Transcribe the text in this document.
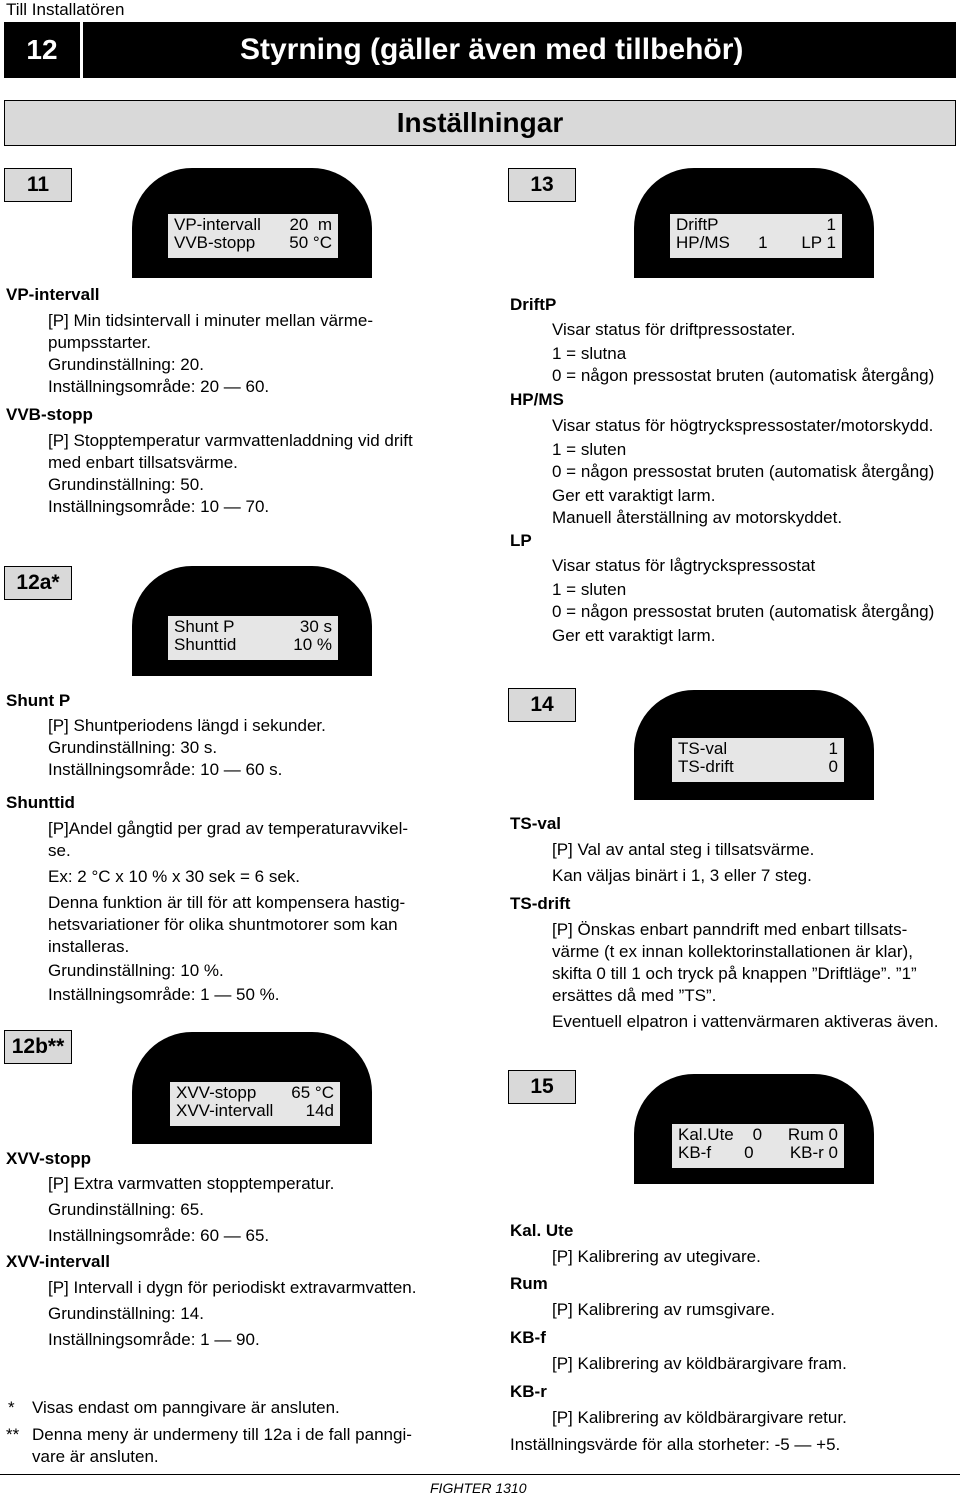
Till Installatören
12	Styrning (gäller även med tillbehör)
Inställningar
11
VP-intervall 20  m
VVB-stopp 50 °C
VP-intervall
[P] Min tidsintervall i minuter mellan värme-
pumpsstarter.
Grundinställning: 20.
Inställningsområde: 20 — 60.
VVB-stopp
[P] Stopptemperatur varmvattenladdning vid drift
med enbart tillsatsvärme.
Grundinställning: 50.
Inställningsområde: 10 — 70.
12a*
Shunt P	30 s
Shunttid	10 %
Shunt P
[P] Shuntperiodens längd i sekunder.
Grundinställning: 30 s.
Inställningsområde: 10 — 60 s.
Shunttid
[P]Andel gångtid per grad av temperaturavvikel-
se.
Ex: 2 °C x 10 % x 30 sek = 6 sek.
Denna funktion är till för att kompensera hastig-
hetsvariationer för olika shuntmotorer som kan
installeras.
Grundinställning: 10 %.
Inställningsområde: 1 — 50 %.
12b**
XVV-stopp 65 °C
XVV-intervall 14d
XVV-stopp
[P] Extra varmvatten stopptemperatur.
Grundinställning: 65.
Inställningsområde: 60 — 65.
XVV-intervall
[P] Intervall i dygn för periodiskt extravarmvatten.
Grundinställning: 14.
Inställningsområde: 1 — 90.
* Visas endast om panngivare är ansluten.
** Denna meny är undermeny till 12a i de fall panngi-
vare är ansluten.
13
DriftP	1
HP/MS      1 LP 1
DriftP
Visar status för driftpressostater.
1 = slutna
0 = någon pressostat bruten (automatisk återgång)
HP/MS
Visar status för högtryckspressostater/motorskydd.
1 = sluten
0 = någon pressostat bruten (automatisk återgång)
Ger ett varaktigt larm.
Manuell återställning av motorskyddet.
LP
Visar status för lågtryckspressostat
1 = sluten
0 = någon pressostat bruten (automatisk återgång)
Ger ett varaktigt larm.
14
TS-val	1
TS-drift	0
TS-val
[P] Val av antal steg i tillsatsvärme.
Kan väljas binärt i 1, 3 eller 7 steg.
TS-drift
[P] Önskas enbart panndrift med enbart tillsats-
värme (t ex innan kollektorinstallationen är klar),
skifta 0 till 1 och tryck på knappen ”Driftläge”. ”1”
ersättes då med ”TS”.
Eventuell elpatron i vattenvärmaren aktiveras även.
15
Kal.Ute    0 Rum 0
KB-f       0 KB-r 0
Kal. Ute
[P] Kalibrering av utegivare.
Rum
[P] Kalibrering av rumsgivare.
KB-f
[P] Kalibrering av köldbärargivare fram.
KB-r
[P] Kalibrering av köldbärargivare retur.
Inställningsvärde för alla storheter: -5 — +5.
FIGHTER 1310
